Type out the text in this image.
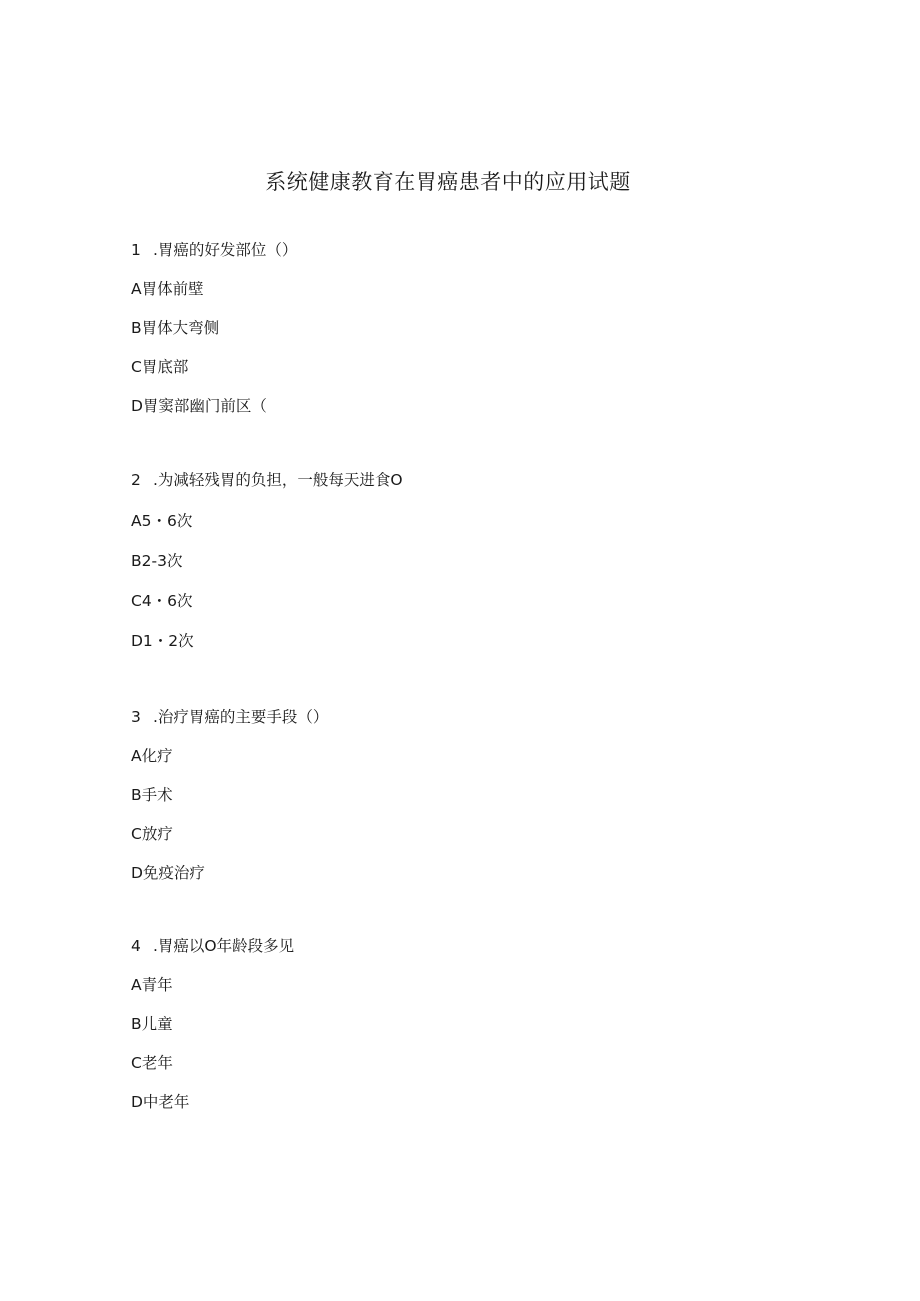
系统健康教育在胃癌患者中的应用试题
1 .胃癌的好发部位（）
A胃体前壁
B胃体大弯侧
C胃底部
D胃窦部幽门前区（
2 .为减轻残胃的负担，一般每天进食O
A5・6次
B2-3次
C4・6次
D1・2次
3 .治疗胃癌的主要手段（）
A化疗
B手术
C放疗
D免疫治疗
4 .胃癌以O年龄段多见
A青年
B儿童
C老年
D中老年
